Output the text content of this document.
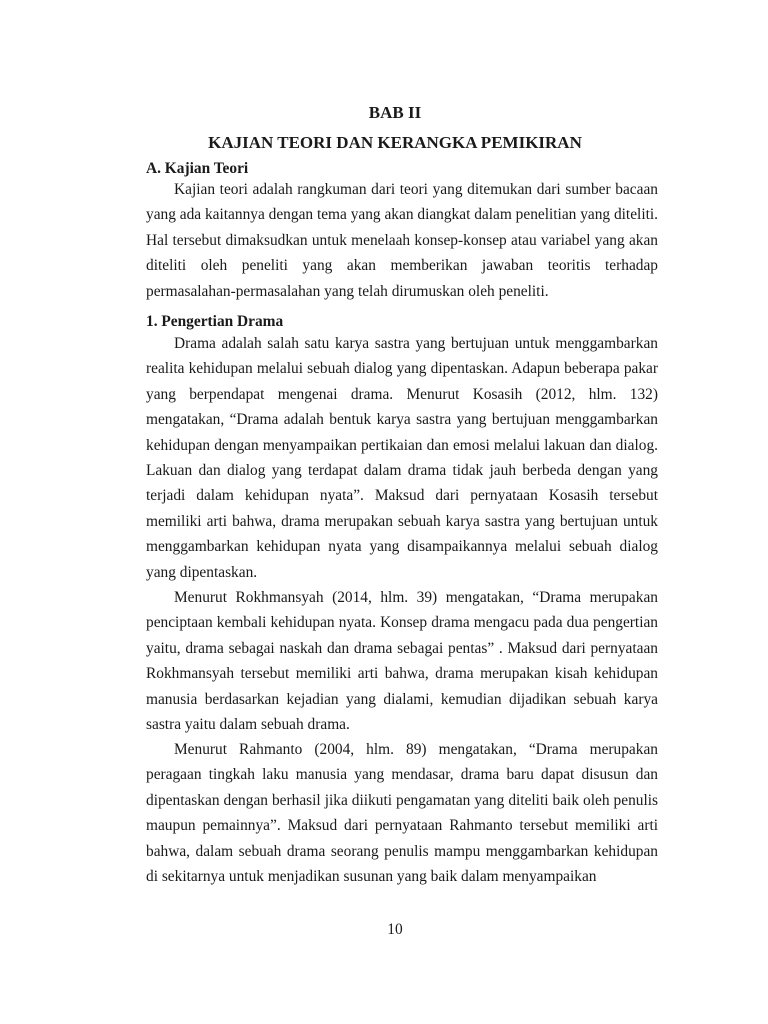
BAB II
KAJIAN TEORI DAN KERANGKA PEMIKIRAN
A. Kajian Teori

Kajian teori adalah rangkuman dari teori yang ditemukan dari sumber bacaan yang ada kaitannya dengan tema yang akan diangkat dalam penelitian yang diteliti. Hal tersebut dimaksudkan untuk menelaah konsep-konsep atau variabel yang akan diteliti oleh peneliti yang akan memberikan jawaban teoritis terhadap permasalahan-permasalahan yang telah dirumuskan oleh peneliti.

1. Pengertian Drama

Drama adalah salah satu karya sastra yang bertujuan untuk menggambarkan realita kehidupan melalui sebuah dialog yang dipentaskan. Adapun beberapa pakar yang berpendapat mengenai drama. Menurut Kosasih (2012, hlm. 132) mengatakan, “Drama adalah bentuk karya sastra yang bertujuan menggambarkan kehidupan dengan menyampaikan pertikaian dan emosi melalui lakuan dan dialog. Lakuan dan dialog yang terdapat dalam drama tidak jauh berbeda dengan yang terjadi dalam kehidupan nyata”. Maksud dari pernyataan Kosasih tersebut memiliki arti bahwa, drama merupakan sebuah karya sastra yang bertujuan untuk menggambarkan kehidupan nyata yang disampaikannya melalui sebuah dialog yang dipentaskan.

Menurut Rokhmansyah (2014, hlm. 39) mengatakan, “Drama merupakan penciptaan kembali kehidupan nyata. Konsep drama mengacu pada dua pengertian yaitu, drama sebagai naskah dan drama sebagai pentas” . Maksud dari pernyataan Rokhmansyah tersebut memiliki arti bahwa, drama merupakan kisah kehidupan manusia berdasarkan kejadian yang dialami, kemudian dijadikan sebuah karya sastra yaitu dalam sebuah drama.

Menurut Rahmanto (2004, hlm. 89) mengatakan, “Drama merupakan peragaan tingkah laku manusia yang mendasar, drama baru dapat disusun dan dipentaskan dengan berhasil jika diikuti pengamatan yang diteliti baik oleh penulis maupun pemainnya”. Maksud dari pernyataan Rahmanto tersebut memiliki arti bahwa, dalam sebuah drama seorang penulis mampu menggambarkan kehidupan di sekitarnya untuk menjadikan susunan yang baik dalam menyampaikan

10
